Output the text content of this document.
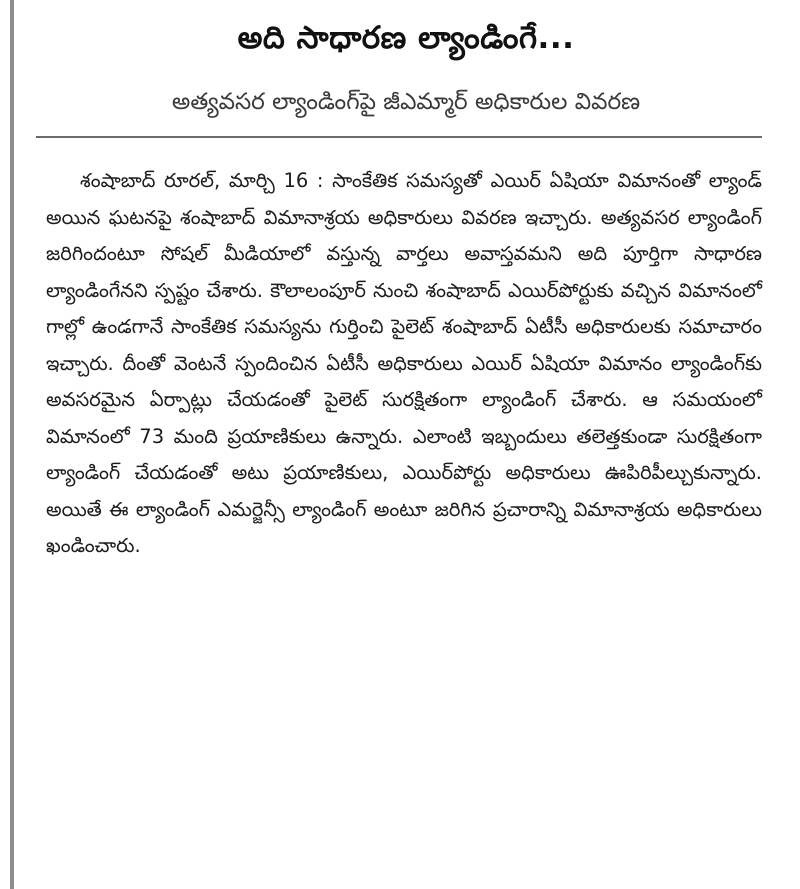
అది సాధారణ ల్యాండింగే...
అత్యవసర ల్యాండింగ్‌పై జీఎమ్మార్ అధికారుల వివరణ

శంషాబాద్ రూరల్, మార్చి 16 : సాంకేతిక సమస్యతో ఎయిర్ ఏషియా విమానంతో ల్యాండ్ అయిన ఘటనపై శంషాబాద్ విమానాశ్రయ అధికారులు వివరణ ఇచ్చారు. అత్యవసర ల్యాండింగ్ జరిగిందంటూ సోషల్ మీడియాలో వస్తున్న వార్తలు అవాస్తవమని అది పూర్తిగా సాధారణ ల్యాండింగేనని స్పష్టం చేశారు. కౌలాలంపూర్ నుంచి శంషాబాద్ ఎయిర్‌పోర్టుకు వచ్చిన విమానంలో గాల్లో ఉండగానే సాంకేతిక సమస్యను గుర్తించి పైలెట్ శంషాబాద్ ఏటీసీ అధికారులకు సమాచారం ఇచ్చారు. దీంతో వెంటనే స్పందించిన ఏటీసీ అధికారులు ఎయిర్ ఏషియా విమానం ల్యాండింగ్‌కు అవసరమైన ఏర్పాట్లు చేయడంతో పైలెట్ సురక్షితంగా ల్యాండింగ్ చేశారు. ఆ సమయంలో విమానంలో 73 మంది ప్రయాణికులు ఉన్నారు. ఎలాంటి ఇబ్బందులు తలెత్తకుండా సురక్షితంగా ల్యాండింగ్ చేయడంతో అటు ప్రయాణికులు, ఎయిర్‌పోర్టు అధికారులు ఊపిరిపీల్చుకున్నారు. అయితే ఈ ల్యాండింగ్ ఎమర్జెన్సీ ల్యాండింగ్ అంటూ జరిగిన ప్రచారాన్ని విమానాశ్రయ అధికారులు ఖండించారు.
